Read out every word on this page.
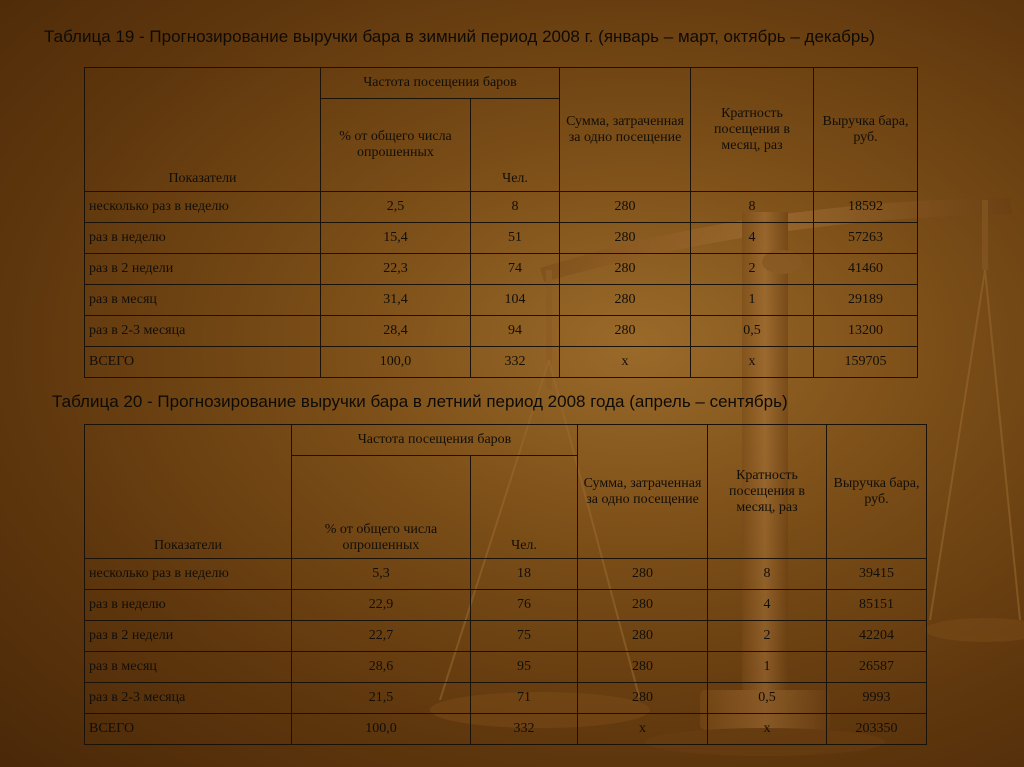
Таблица 19 - Прогнозирование выручки бара в зимний период 2008 г. (январь – март, октябрь – декабрь)
Показатели	Частота посещения баров		Сумма, затраченная за одно посещение	Кратность посещения в месяц, раз	Выручка бара, руб.
	% от общего числа опрошенных	Чел.			
несколько раз в неделю	2,5	8	280	8	18592
раз в неделю	15,4	51	280	4	57263
раз в 2 недели	22,3	74	280	2	41460
раз в месяц	31,4	104	280	1	29189
раз в 2-3 месяца	28,4	94	280	0,5	13200
ВСЕГО	100,0	332	х	х	159705
Таблица 20 - Прогнозирование выручки бара в летний период 2008 года (апрель – сентябрь)
Показатели	Частота посещения баров		Сумма, затраченная за одно посещение	Кратность посещения в месяц, раз	Выручка бара, руб.
	% от общего числа опрошенных	Чел.			
несколько раз в неделю	5,3	18	280	8	39415
раз в неделю	22,9	76	280	4	85151
раз в 2 недели	22,7	75	280	2	42204
раз в месяц	28,6	95	280	1	26587
раз в 2-3 месяца	21,5	71	280	0,5	9993
ВСЕГО	100,0	332	х	х	203350
